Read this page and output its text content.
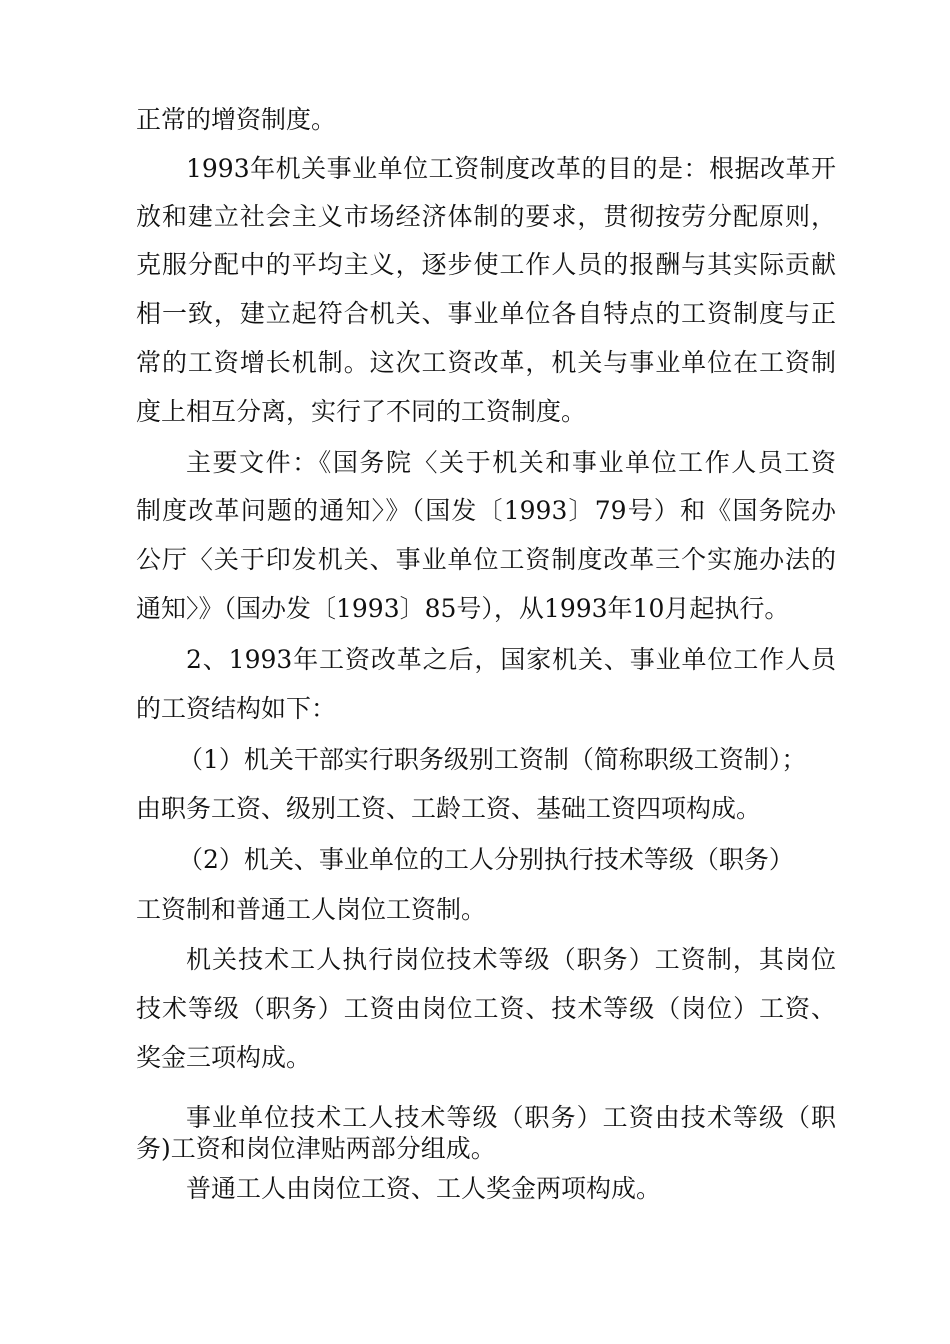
正常的增资制度。
1993年机关事业单位工资制度改革的目的是：根据改革开
放和建立社会主义市场经济体制的要求，贯彻按劳分配原则，
克服分配中的平均主义，逐步使工作人员的报酬与其实际贡献
相一致，建立起符合机关、事业单位各自特点的工资制度与正
常的工资增长机制。这次工资改革，机关与事业单位在工资制
度上相互分离，实行了不同的工资制度。
主要文件：《国务院〈关于机关和事业单位工作人员工资
制度改革问题的通知〉》（国发〔1993〕79号）和《国务院办
公厅〈关于印发机关、事业单位工资制度改革三个实施办法的
通知〉》（国办发〔1993〕85号），从1993年10月起执行。
2、1993年工资改革之后，国家机关、事业单位工作人员
的工资结构如下：
（1）机关干部实行职务级别工资制（简称职级工资制）；
由职务工资、级别工资、工龄工资、基础工资四项构成。
（2）机关、事业单位的工人分别执行技术等级（职务）
工资制和普通工人岗位工资制。
机关技术工人执行岗位技术等级（职务）工资制，其岗位
技术等级（职务）工资由岗位工资、技术等级（岗位）工资、
奖金三项构成。
事业单位技术工人技术等级（职务）工资由技术等级（职
务)工资和岗位津贴两部分组成。
普通工人由岗位工资、工人奖金两项构成。
